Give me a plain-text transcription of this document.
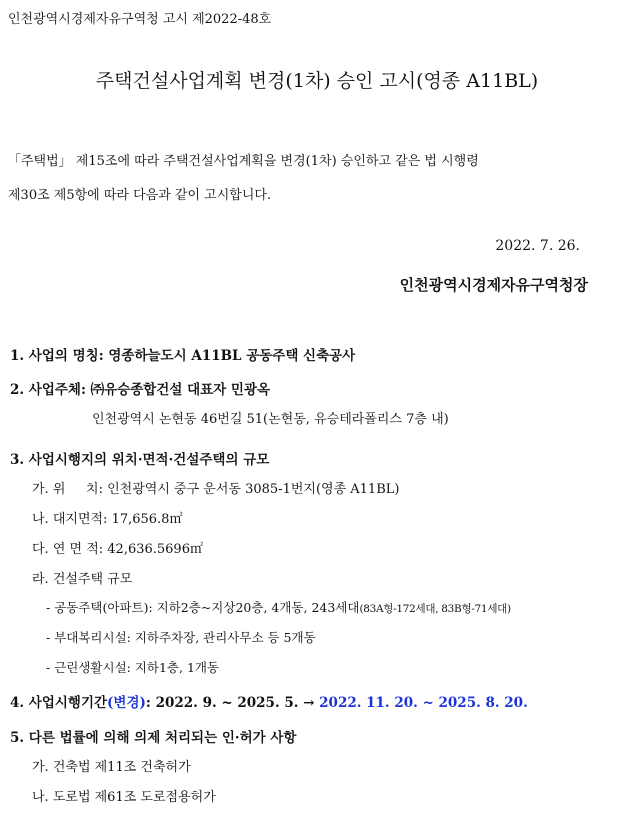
인천광역시경제자유구역청 고시 제2022-48호
주택건설사업계획 변경(1차) 승인 고시(영종 A11BL)
「주택법」 제15조에 따라 주택건설사업계획을 변경(1차) 승인하고 같은 법 시행령
제30조 제5항에 따라 다음과 같이 고시합니다.
2022. 7. 26.
인천광역시경제자유구역청장
1. 사업의 명칭: 영종하늘도시 A11BL 공동주택 신축공사
2. 사업주체: ㈜유승종합건설 대표자 민광옥
인천광역시 논현동 46번길 51(논현동, 유승테라폴리스 7층 내)
3. 사업시행지의 위치·면적·건설주택의 규모
가. 위     치: 인천광역시 중구 운서동 3085-1번지(영종 A11BL)
나. 대지면적: 17,656.8㎡
다. 연 면 적: 42,636.5696㎡
라. 건설주택 규모
- 공동주택(아파트): 지하2층~지상20층, 4개동, 243세대(83A형-172세대, 83B형-71세대)
- 부대복리시설: 지하주차장, 관리사무소 등 5개동
- 근린생활시설: 지하1층, 1개동
4. 사업시행기간(변경): 2022. 9. ~ 2025. 5. → 2022. 11. 20. ~ 2025. 8. 20.
5. 다른 법률에 의해 의제 처리되는 인·허가 사항
가. 건축법 제11조 건축허가
나. 도로법 제61조 도로점용허가
